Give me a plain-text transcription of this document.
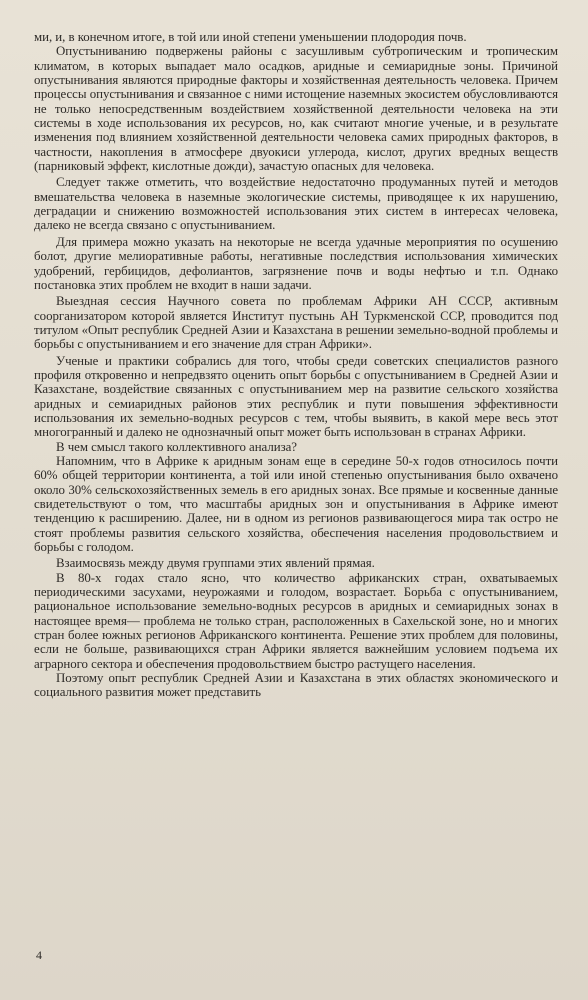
ми, и, в конечном итоге, в той или иной степени уменьшении плодородия почв.

Опустыниванию подвержены районы с засушливым субтропическим и тропическим климатом, в которых выпадает мало осадков, аридные и семиаридные зоны. Причиной опустынивания являются природные факторы и хозяйственная деятельность человека. Причем процессы опустынивания и связанное с ними истощение наземных экосистем обусловливаются не только непосредственным воздействием хозяйственной деятельности человека на эти системы в ходе использования их ресурсов, но, как считают многие ученые, и в результате изменения под влиянием хозяйственной деятельности человека самих природных факторов, в частности, накопления в атмосфере двуокиси углерода, кислот, других вредных веществ (парниковый эффект, кислотные дожди), зачастую опасных для человека.

Следует также отметить, что воздействие недостаточно продуманных путей и методов вмешательства человека в наземные экологические системы, приводящее к их нарушению, деградации и снижению возможностей использования этих систем в интересах человека, далеко не всегда связано с опустыниванием.

Для примера можно указать на некоторые не всегда удачные мероприятия по осушению болот, другие мелиоративные работы, негативные последствия использования химических удобрений, гербицидов, дефолиантов, загрязнение почв и воды нефтью и т.п. Однако постановка этих проблем не входит в наши задачи.

Выездная сессия Научного совета по проблемам Африки АН СССР, активным соорганизатором которой является Институт пустынь АН Туркменской ССР, проводится под титулом «Опыт республик Средней Азии и Казахстана в решении земельно-водной проблемы и борьбы с опустыниванием и его значение для стран Африки».

Ученые и практики собрались для того, чтобы среди советских специалистов разного профиля откровенно и непредвзято оценить опыт борьбы с опустыниванием в Средней Азии и Казахстане, воздействие связанных с опустыниванием мер на развитие сельского хозяйства аридных и семиаридных районов этих республик и пути повышения эффективности использования их земельно-водных ресурсов с тем, чтобы выявить, в какой мере весь этот многогранный и далеко не однозначный опыт может быть использован в странах Африки.

В чем смысл такого коллективного анализа?

Напомним, что в Африке к аридным зонам еще в середине 50-х годов относилось почти 60% общей территории континента, а той или иной степенью опустынивания было охвачено около 30% сельскохозяйственных земель в его аридных зонах. Все прямые и косвенные данные свидетельствуют о том, что масштабы аридных зон и опустынивания в Африке имеют тенденцию к расширению. Далее, ни в одном из регионов развивающегося мира так остро не стоят проблемы развития сельского хозяйства, обеспечения населения продовольствием и борьбы с голодом.

Взаимосвязь между двумя группами этих явлений прямая.

В 80-х годах стало ясно, что количество африканских стран, охватываемых периодическими засухами, неурожаями и голодом, возрастает. Борьба с опустыниванием, рациональное использование земельно-водных ресурсов в аридных и семиаридных зонах в настоящее время— проблема не только стран, расположенных в Сахельской зоне, но и многих стран более южных регионов Африканского континента. Решение этих проблем для половины, если не больше, развивающихся стран Африки является важнейшим условием подъема их аграрного сектора и обеспечения продовольствием быстро растущего населения.

Поэтому опыт республик Средней Азии и Казахстана в этих областях экономического и социального развития может представить

4
